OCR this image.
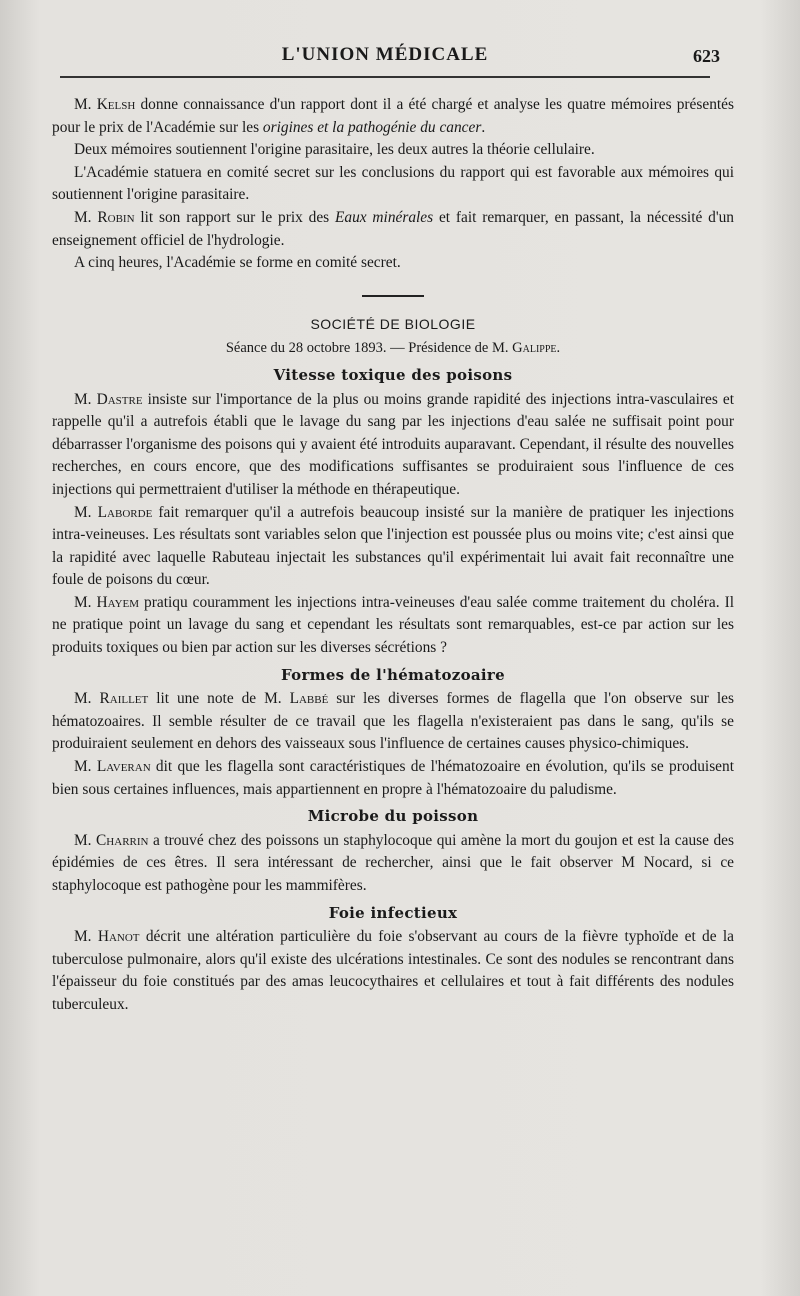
L'UNION MÉDICALE	623

M. Kelsh donne connaissance d'un rapport dont il a été chargé et analyse les quatre mémoires présentés pour le prix de l'Académie sur les origines et la pathogénie du cancer.

Deux mémoires soutiennent l'origine parasitaire, les deux autres la théorie cellulaire.

L'Académie statuera en comité secret sur les conclusions du rapport qui est favorable aux mémoires qui soutiennent l'origine parasitaire.

M. Robin lit son rapport sur le prix des Eaux minérales et fait remarquer, en passant, la nécessité d'un enseignement officiel de l'hydrologie.

A cinq heures, l'Académie se forme en comité secret.

SOCIÉTÉ DE BIOLOGIE
Séance du 28 octobre 1893. — Présidence de M. Galippe.
Vitesse toxique des poisons

M. Dastre insiste sur l'importance de la plus ou moins grande rapidité des injections intra-vasculaires et rappelle qu'il a autrefois établi que le lavage du sang par les injections d'eau salée ne suffisait point pour débarrasser l'organisme des poisons qui y avaient été introduits auparavant. Cependant, il résulte des nouvelles recherches, en cours encore, que des modifications suffisantes se produiraient sous l'influence de ces injections qui permettraient d'utiliser la méthode en thérapeutique.

M. Laborde fait remarquer qu'il a autrefois beaucoup insisté sur la manière de pratiquer les injections intra-veineuses. Les résultats sont variables selon que l'injection est poussée plus ou moins vite; c'est ainsi que la rapidité avec laquelle Rabuteau injectait les substances qu'il expérimentait lui avait fait reconnaître une foule de poisons du cœur.

M. Hayem pratiqu couramment les injections intra-veineuses d'eau salée comme traitement du choléra. Il ne pratique point un lavage du sang et cependant les résultats sont remarquables, est-ce par action sur les produits toxiques ou bien par action sur les diverses sécrétions ?

Formes de l'hématozoaire

M. Raillet lit une note de M. Labbé sur les diverses formes de flagella que l'on observe sur les hématozoaires. Il semble résulter de ce travail que les flagella n'existeraient pas dans le sang, qu'ils se produiraient seulement en dehors des vaisseaux sous l'influence de certaines causes physico-chimiques.

M. Laveran dit que les flagella sont caractéristiques de l'hématozoaire en évolution, qu'ils se produisent bien sous certaines influences, mais appartiennent en propre à l'hématozoaire du paludisme.

Microbe du poisson

M. Charrin a trouvé chez des poissons un staphylocoque qui amène la mort du goujon et est la cause des épidémies de ces êtres. Il sera intéressant de rechercher, ainsi que le fait observer M Nocard, si ce staphylocoque est pathogène pour les mammifères.

Foie infectieux

M. Hanot décrit une altération particulière du foie s'observant au cours de la fièvre typhoïde et de la tuberculose pulmonaire, alors qu'il existe des ulcérations intestinales. Ce sont des nodules se rencontrant dans l'épaisseur du foie constitués par des amas leucocythaires et cellulaires et tout à fait différents des nodules tuberculeux.
